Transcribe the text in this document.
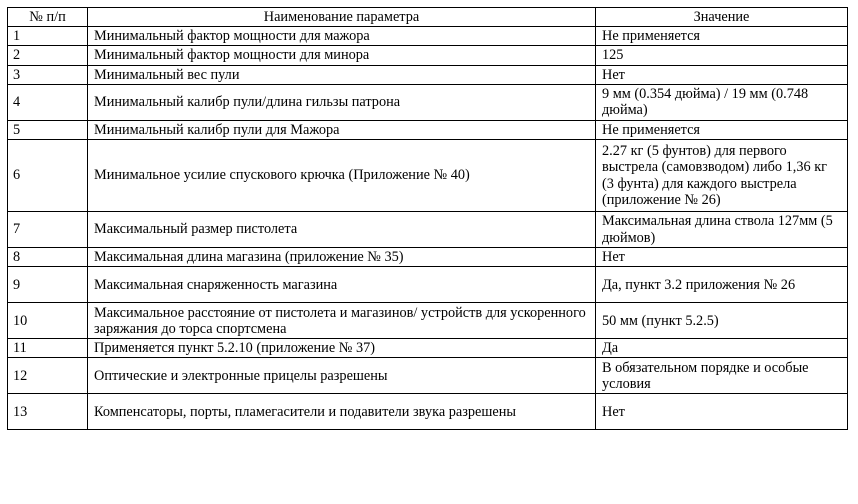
№ п/п	Наименование параметра	Значение
1	Минимальный фактор мощности для мажора	Не применяется
2	Минимальный фактор мощности для минора	125
3	Минимальный вес пули	Нет
4	Минимальный калибр пули/длина гильзы патрона	9 мм (0.354 дюйма) / 19 мм (0.748 дюйма)
5	Минимальный калибр пули для Мажора	Не применяется
6	Минимальное усилие спускового крючка (Приложение № 40)	2.27 кг (5 фунтов) для первого выстрела (самовзводом) либо 1,36 кг (3 фунта) для каждого выстрела (приложение № 26)
7	Максимальный размер пистолета	Максимальная длина ствола 127мм (5 дюймов)
8	Максимальная длина магазина (приложение № 35)	Нет
9	Максимальная снаряженность магазина	Да, пункт 3.2 приложения № 26
10	Максимальное расстояние от пистолета и магазинов/ устройств для ускоренного заряжания до торса спортсмена	50 мм (пункт 5.2.5)
11	Применяется пункт 5.2.10 (приложение № 37)	Да
12	Оптические и электронные прицелы разрешены	В обязательном порядке и особые условия
13	Компенсаторы, порты, пламегасители и подавители звука разрешены	Нет
